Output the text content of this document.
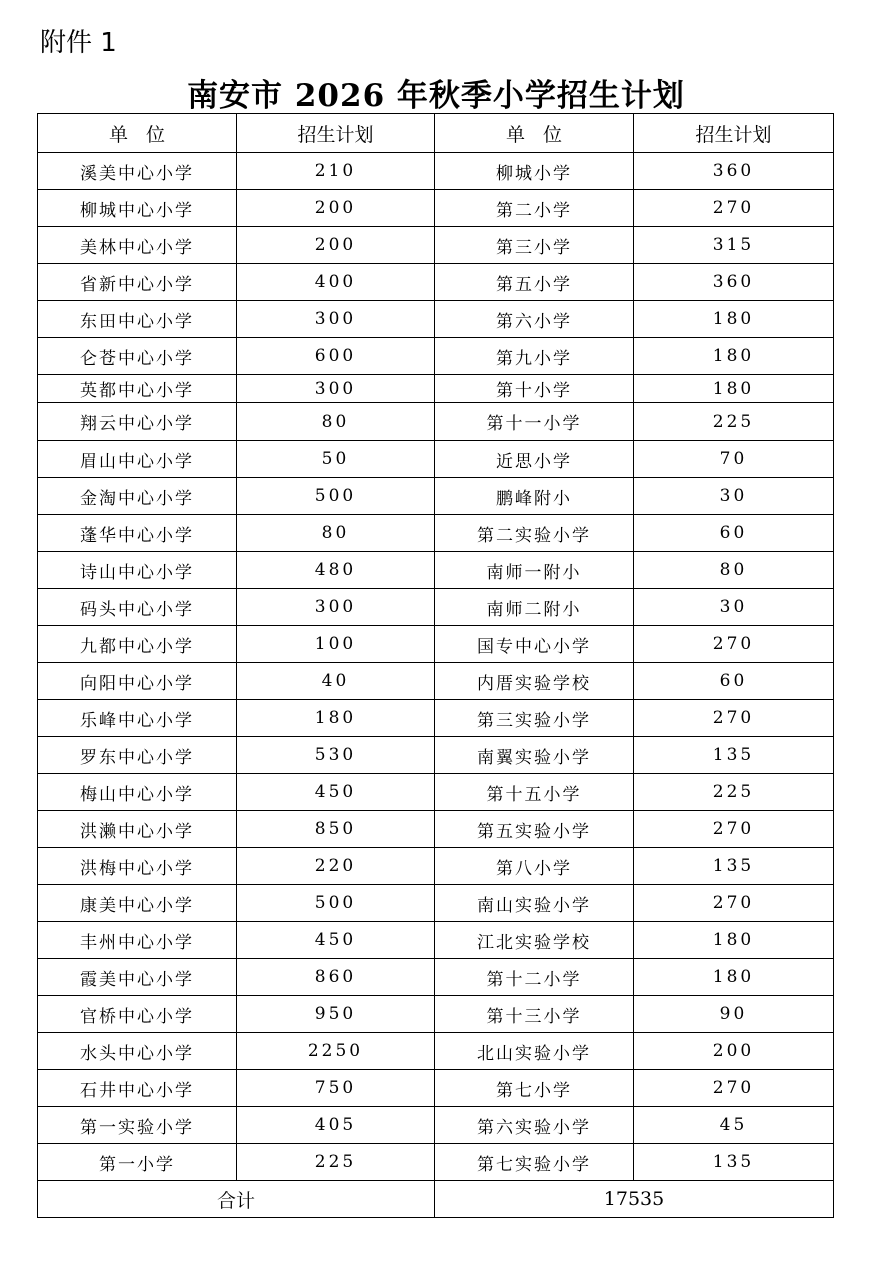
附件 1
南安市 2026 年秋季小学招生计划
单   位	招生计划	单   位	招生计划
溪美中心小学	210	柳城小学	360
柳城中心小学	200	第二小学	270
美林中心小学	200	第三小学	315
省新中心小学	400	第五小学	360
东田中心小学	300	第六小学	180
仑苍中心小学	600	第九小学	180
英都中心小学	300	第十小学	180
翔云中心小学	80	第十一小学	225
眉山中心小学	50	近思小学	70
金淘中心小学	500	鹏峰附小	30
蓬华中心小学	80	第二实验小学	60
诗山中心小学	480	南师一附小	80
码头中心小学	300	南师二附小	30
九都中心小学	100	国专中心小学	270
向阳中心小学	40	内厝实验学校	60
乐峰中心小学	180	第三实验小学	270
罗东中心小学	530	南翼实验小学	135
梅山中心小学	450	第十五小学	225
洪濑中心小学	850	第五实验小学	270
洪梅中心小学	220	第八小学	135
康美中心小学	500	南山实验小学	270
丰州中心小学	450	江北实验学校	180
霞美中心小学	860	第十二小学	180
官桥中心小学	950	第十三小学	90
水头中心小学	2250	北山实验小学	200
石井中心小学	750	第七小学	270
第一实验小学	405	第六实验小学	45
第一小学	225	第七实验小学	135
合计		17535	
